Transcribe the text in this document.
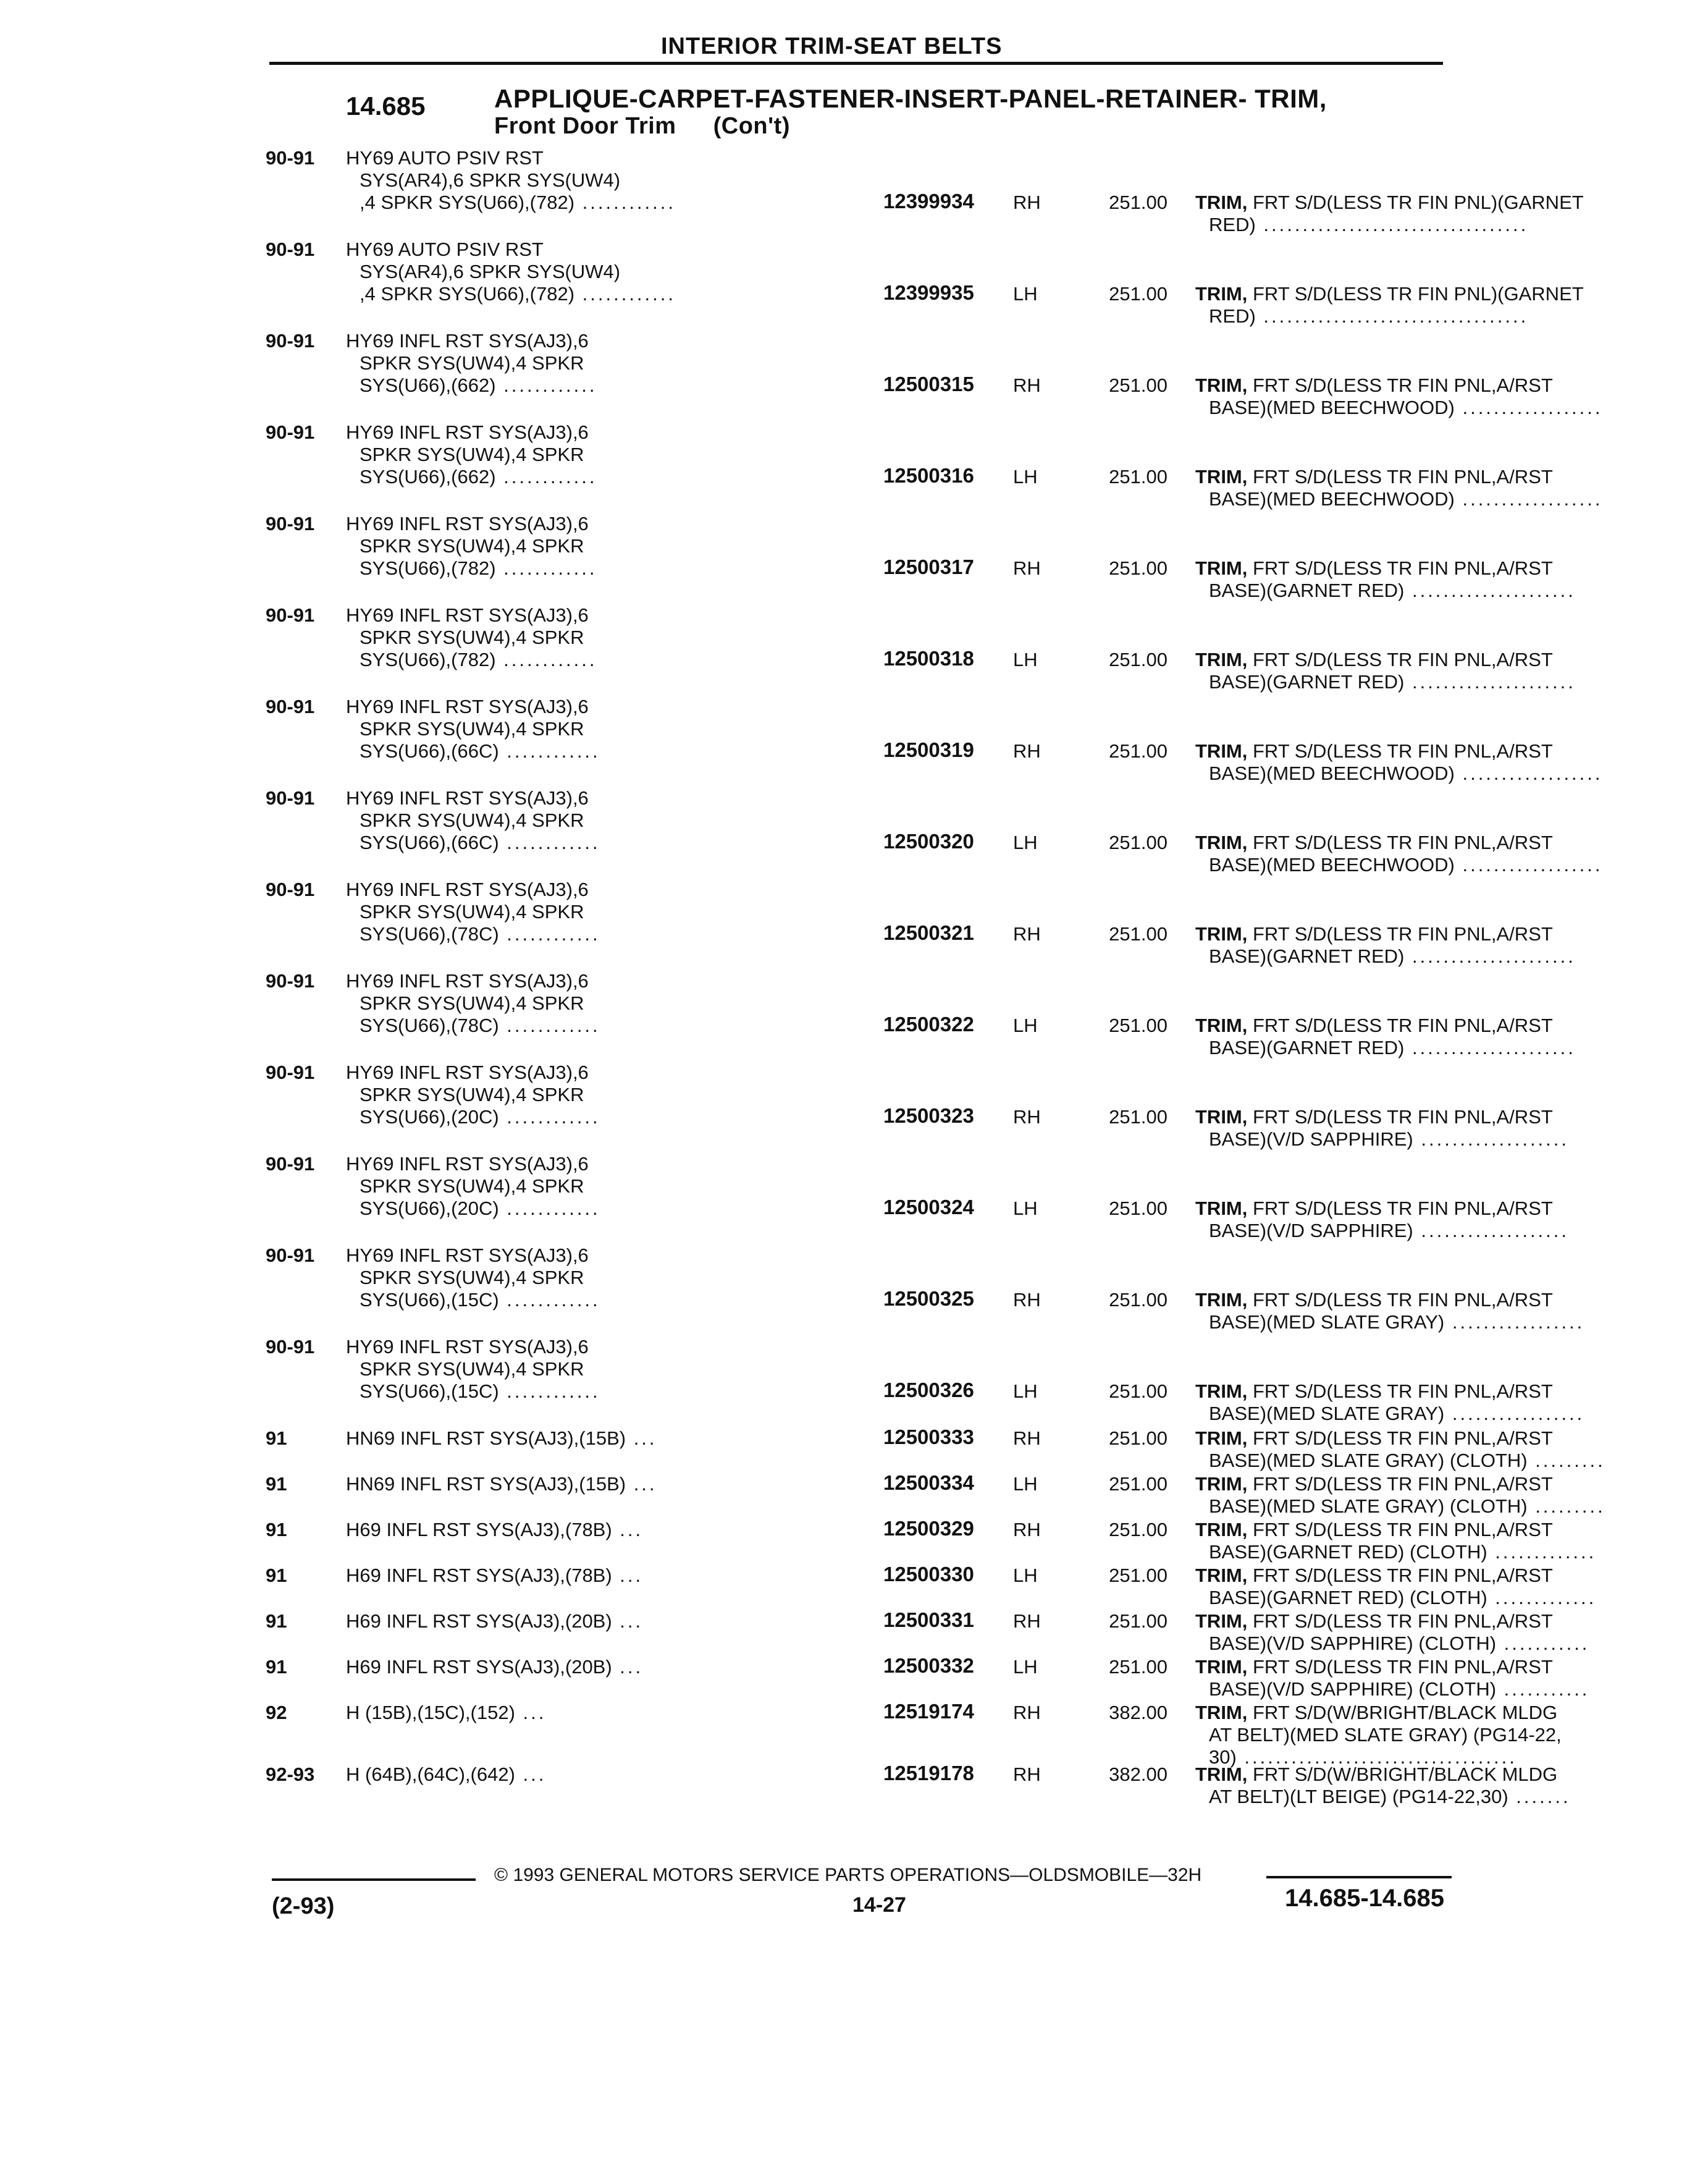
INTERIOR TRIM-SEAT BELTS
14.685	APPLIQUE-CARPET-FASTENER-INSERT-PANEL-RETAINER- TRIM,
Front Door Trim (Con't)
90-91	HY69 AUTO PSIV RST
SYS(AR4),6 SPKR SYS(UW4)
,4 SPKR SYS(U66),(782) ............	12399934	RH	251.00 TRIM, FRT S/D(LESS TR FIN PNL)(GARNET
RED) ..................................
90-91	HY69 AUTO PSIV RST
SYS(AR4),6 SPKR SYS(UW4)
,4 SPKR SYS(U66),(782) ............	12399935	LH	251.00 TRIM, FRT S/D(LESS TR FIN PNL)(GARNET
RED) ..................................
90-91	HY69 INFL RST SYS(AJ3),6
SPKR SYS(UW4),4 SPKR
SYS(U66),(662) ............	12500315	RH	251.00 TRIM, FRT S/D(LESS TR FIN PNL,A/RST
BASE)(MED BEECHWOOD) ..................
90-91	HY69 INFL RST SYS(AJ3),6
SPKR SYS(UW4),4 SPKR
SYS(U66),(662) ............	12500316	LH	251.00 TRIM, FRT S/D(LESS TR FIN PNL,A/RST
BASE)(MED BEECHWOOD) ..................
90-91	HY69 INFL RST SYS(AJ3),6
SPKR SYS(UW4),4 SPKR
SYS(U66),(782) ............	12500317	RH	251.00 TRIM, FRT S/D(LESS TR FIN PNL,A/RST
BASE)(GARNET RED) .....................
90-91	HY69 INFL RST SYS(AJ3),6
SPKR SYS(UW4),4 SPKR
SYS(U66),(782) ............	12500318	LH	251.00 TRIM, FRT S/D(LESS TR FIN PNL,A/RST
BASE)(GARNET RED) .....................
90-91	HY69 INFL RST SYS(AJ3),6
SPKR SYS(UW4),4 SPKR
SYS(U66),(66C) ............	12500319	RH	251.00 TRIM, FRT S/D(LESS TR FIN PNL,A/RST
BASE)(MED BEECHWOOD) ..................
90-91	HY69 INFL RST SYS(AJ3),6
SPKR SYS(UW4),4 SPKR
SYS(U66),(66C) ............	12500320	LH	251.00 TRIM, FRT S/D(LESS TR FIN PNL,A/RST
BASE)(MED BEECHWOOD) ..................
90-91	HY69 INFL RST SYS(AJ3),6
SPKR SYS(UW4),4 SPKR
SYS(U66),(78C) ............	12500321	RH	251.00 TRIM, FRT S/D(LESS TR FIN PNL,A/RST
BASE)(GARNET RED) .....................
90-91	HY69 INFL RST SYS(AJ3),6
SPKR SYS(UW4),4 SPKR
SYS(U66),(78C) ............	12500322	LH	251.00 TRIM, FRT S/D(LESS TR FIN PNL,A/RST
BASE)(GARNET RED) .....................
90-91	HY69 INFL RST SYS(AJ3),6
SPKR SYS(UW4),4 SPKR
SYS(U66),(20C) ............	12500323	RH	251.00 TRIM, FRT S/D(LESS TR FIN PNL,A/RST
BASE)(V/D SAPPHIRE) ...................
90-91	HY69 INFL RST SYS(AJ3),6
SPKR SYS(UW4),4 SPKR
SYS(U66),(20C) ............	12500324	LH	251.00 TRIM, FRT S/D(LESS TR FIN PNL,A/RST
BASE)(V/D SAPPHIRE) ...................
90-91	HY69 INFL RST SYS(AJ3),6
SPKR SYS(UW4),4 SPKR
SYS(U66),(15C) ............	12500325	RH	251.00 TRIM, FRT S/D(LESS TR FIN PNL,A/RST
BASE)(MED SLATE GRAY) .................
90-91	HY69 INFL RST SYS(AJ3),6
SPKR SYS(UW4),4 SPKR
SYS(U66),(15C) ............	12500326	LH	251.00 TRIM, FRT S/D(LESS TR FIN PNL,A/RST
BASE)(MED SLATE GRAY) .................
91	HN69 INFL RST SYS(AJ3),(15B) ...	12500333	RH	251.00 TRIM, FRT S/D(LESS TR FIN PNL,A/RST
BASE)(MED SLATE GRAY) (CLOTH) .........
91	HN69 INFL RST SYS(AJ3),(15B) ...	12500334	LH	251.00 TRIM, FRT S/D(LESS TR FIN PNL,A/RST
BASE)(MED SLATE GRAY) (CLOTH) .........
91	H69 INFL RST SYS(AJ3),(78B) ...	12500329	RH	251.00 TRIM, FRT S/D(LESS TR FIN PNL,A/RST
BASE)(GARNET RED) (CLOTH) .............
91	H69 INFL RST SYS(AJ3),(78B) ...	12500330	LH	251.00 TRIM, FRT S/D(LESS TR FIN PNL,A/RST
BASE)(GARNET RED) (CLOTH) .............
91	H69 INFL RST SYS(AJ3),(20B) ...	12500331	RH	251.00 TRIM, FRT S/D(LESS TR FIN PNL,A/RST
BASE)(V/D SAPPHIRE) (CLOTH) ...........
91	H69 INFL RST SYS(AJ3),(20B) ...	12500332	LH	251.00 TRIM, FRT S/D(LESS TR FIN PNL,A/RST
BASE)(V/D SAPPHIRE) (CLOTH) ...........
92	H (15B),(15C),(152) ...	12519174	RH	382.00 TRIM, FRT S/D(W/BRIGHT/BLACK MLDG
AT BELT)(MED SLATE GRAY) (PG14-22,
30) ...................................
92-93	H (64B),(64C),(642) ...	12519178	RH	382.00 TRIM, FRT S/D(W/BRIGHT/BLACK MLDG
AT BELT)(LT BEIGE) (PG14-22,30) .......
© 1993 GENERAL MOTORS SERVICE PARTS OPERATIONS—OLDSMOBILE—32H
(2-93)	14-27	14.685-14.685
